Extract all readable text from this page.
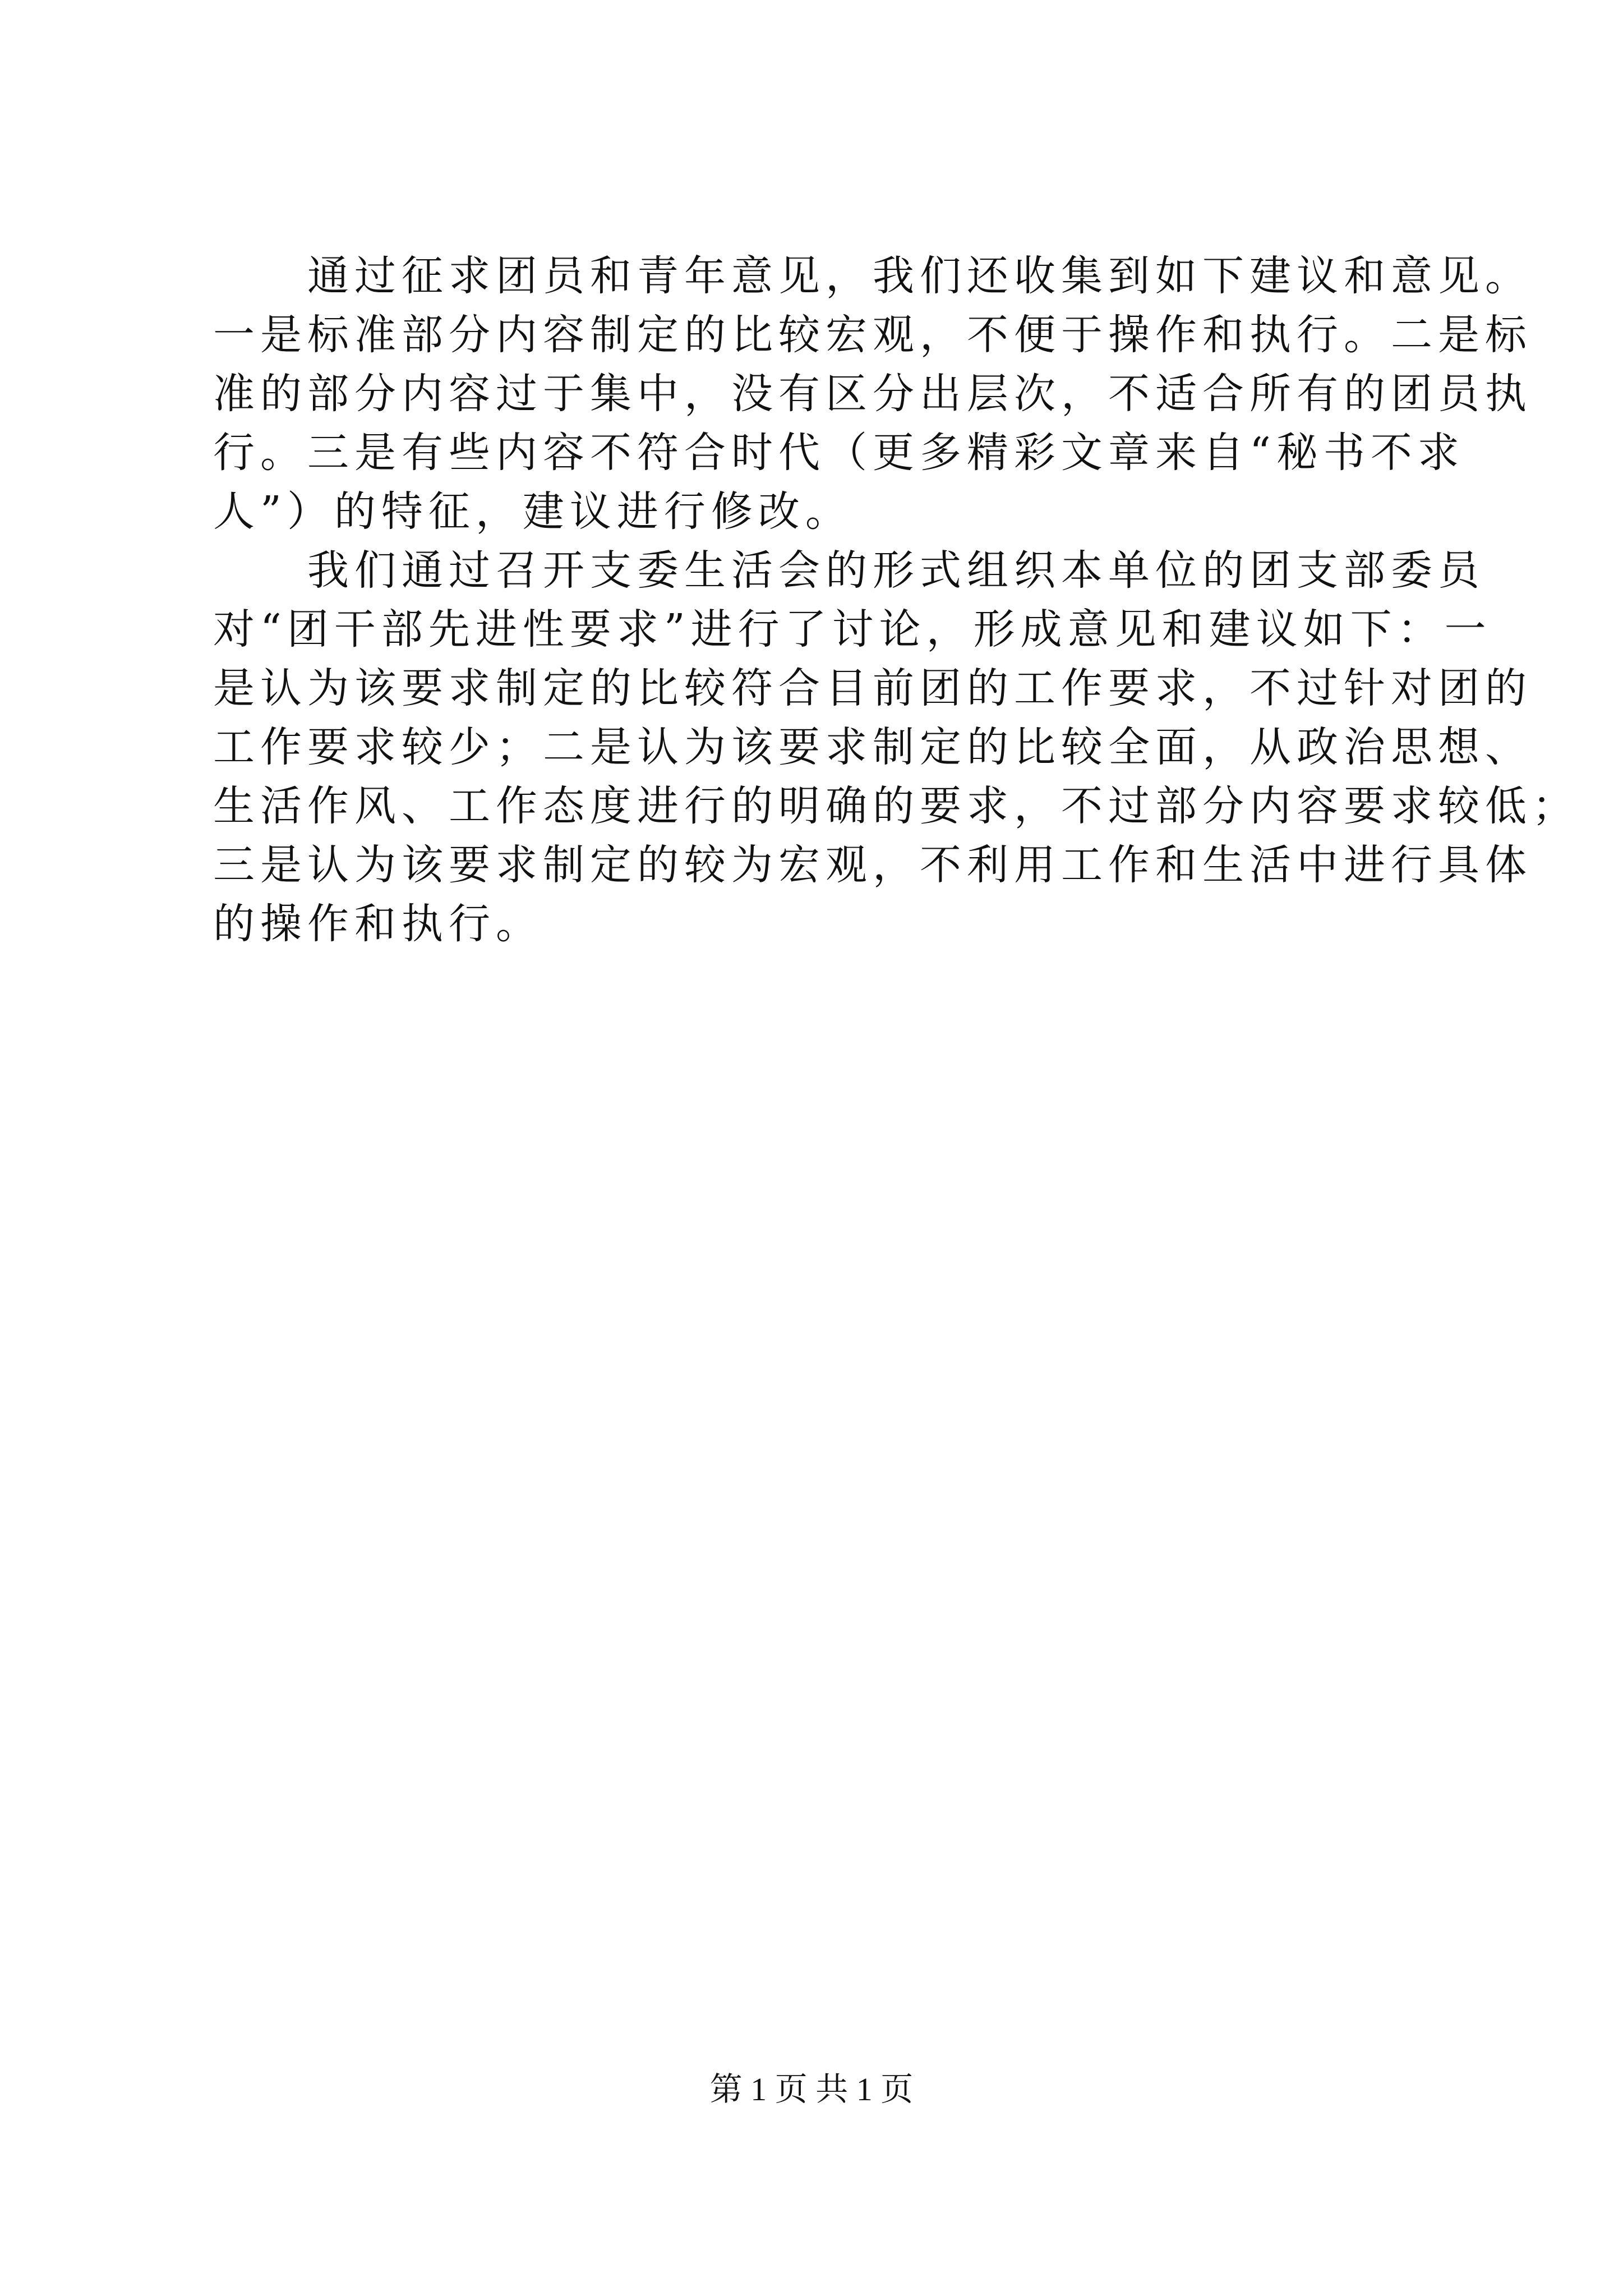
通过征求团员和青年意见，我们还收集到如下建议和意见。
一是标准部分内容制定的比较宏观，不便于操作和执行。二是标
准的部分内容过于集中，没有区分出层次，不适合所有的团员执
行。三是有些内容不符合时代（更多精彩文章来自“秘书不求
人”）的特征，建议进行修改。
我们通过召开支委生活会的形式组织本单位的团支部委员
对“团干部先进性要求”进行了讨论，形成意见和建议如下：一
是认为该要求制定的比较符合目前团的工作要求，不过针对团的
工作要求较少；二是认为该要求制定的比较全面，从政治思想、
生活作风、工作态度进行的明确的要求，不过部分内容要求较低；
三是认为该要求制定的较为宏观，不利用工作和生活中进行具体
的操作和执行。
第 1 页 共 1 页
